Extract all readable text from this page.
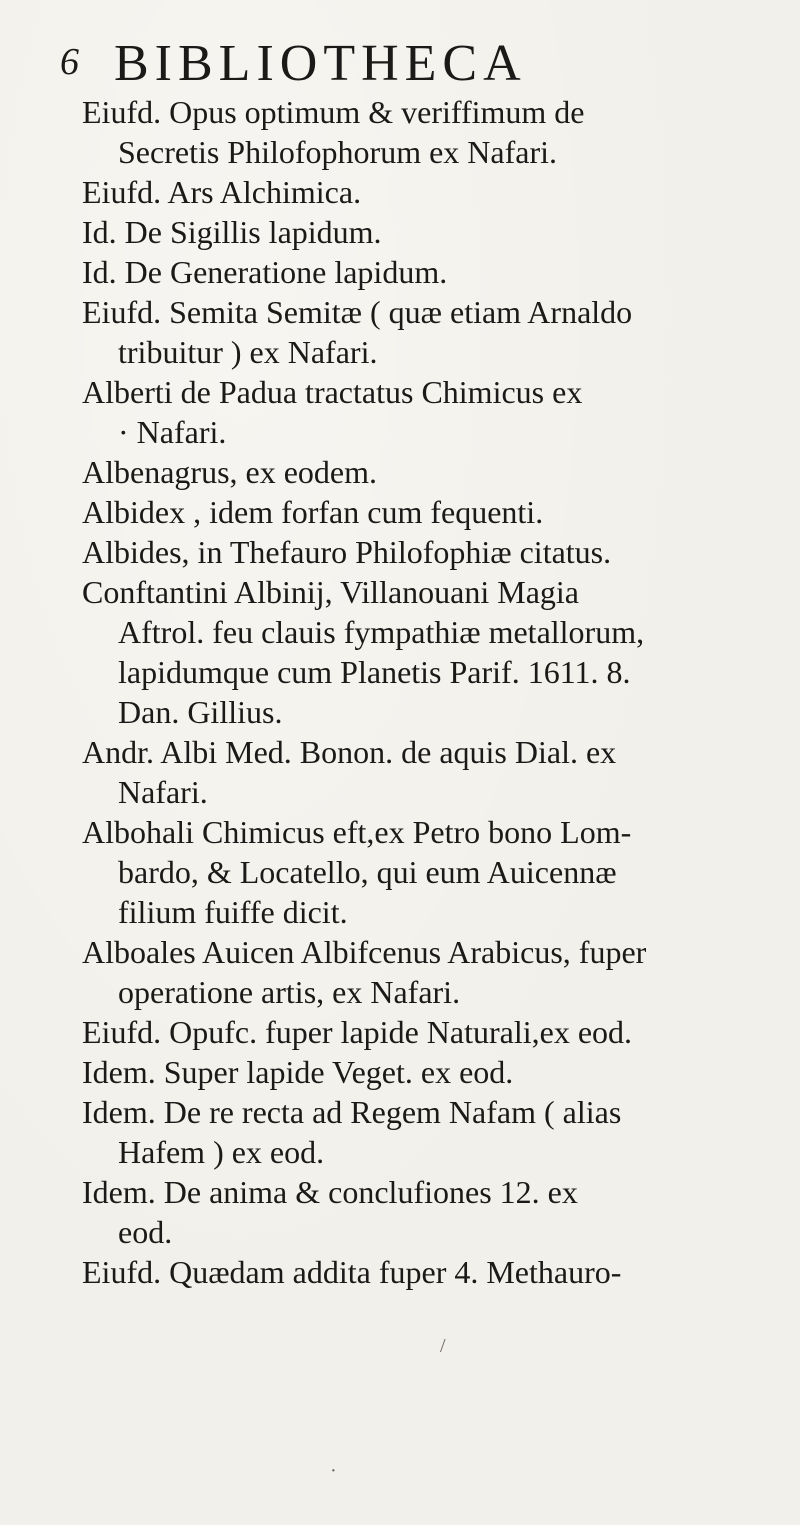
6 BIBLIOTHECA
Eiufd. Opus optimum & veriffimum de
Secretis Philofophorum ex Nafari.
Eiufd. Ars Alchimica.
Id. De Sigillis lapidum.
Id. De Generatione lapidum.
Eiufd. Semita Semitæ ( quæ etiam Arnaldo
tribuitur ) ex Nafari.
Alberti de Padua tractatus Chimicus ex
· Nafari.
Albenagrus, ex eodem.
Albidex , idem forfan cum fequenti.
Albides, in Thefauro Philofophiæ citatus.
Conftantini Albinij, Villanouani Magia
Aftrol. feu clauis fympathiæ metallorum,
lapidumque cum Planetis Parif. 1611. 8.
Dan. Gillius.
Andr. Albi Med. Bonon. de aquis Dial. ex
Nafari.
Albohali Chimicus eft,ex Petro bono Lom-
bardo, & Locatello, qui eum Auicennæ
filium fuiffe dicit.
Alboales Auicen Albifcenus Arabicus, fuper
operatione artis, ex Nafari.
Eiufd. Opufc. fuper lapide Naturali,ex eod.
Idem. Super lapide Veget. ex eod.
Idem. De re recta ad Regem Nafam ( alias
Hafem ) ex eod.
Idem. De anima & conclufiones 12. ex
eod.
Eiufd. Quædam addita fuper 4. Methauro-
/
·
